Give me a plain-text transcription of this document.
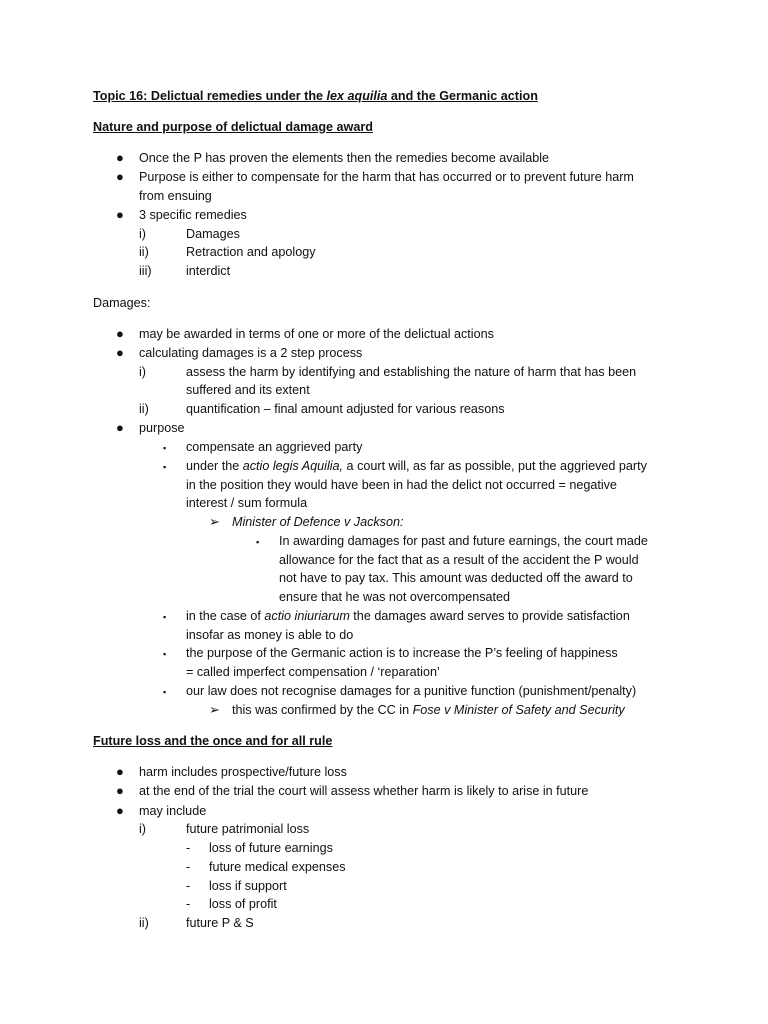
Topic 16: Delictual remedies under the lex aquilia and the Germanic action
Nature and purpose of delictual damage award
● Once the P has proven the elements then the remedies become available
● Purpose is either to compensate for the harm that has occurred or to prevent future harm
from ensuing
● 3 specific remedies
i)	Damages
ii)	Retraction and apology
iii)	interdict
Damages:
● may be awarded in terms of one or more of the delictual actions
● calculating damages is a 2 step process
i)	assess the harm by identifying and establishing the nature of harm that has been
suffered and its extent
ii)	quantification – final amount adjusted for various reasons
● purpose
▪ compensate an aggrieved party
▪ under the actio legis Aquilia, a court will, as far as possible, put the aggrieved party
in the position they would have been in had the delict not occurred = negative
interest / sum formula
➢ Minister of Defence v Jackson:
▪ In awarding damages for past and future earnings, the court made
allowance for the fact that as a result of the accident the P would
not have to pay tax. This amount was deducted off the award to
ensure that he was not overcompensated
▪ in the case of actio iniuriarum the damages award serves to provide satisfaction
insofar as money is able to do
▪ the purpose of the Germanic action is to increase the P’s feeling of happiness
= called imperfect compensation / ‘reparation’
▪ our law does not recognise damages for a punitive function (punishment/penalty)
➢ this was confirmed by the CC in Fose v Minister of Safety and Security
Future loss and the once and for all rule
● harm includes prospective/future loss
● at the end of the trial the court will assess whether harm is likely to arise in future
● may include
i)	future patrimonial loss
- loss of future earnings
- future medical expenses
- loss if support
- loss of profit
ii)	future P & S
